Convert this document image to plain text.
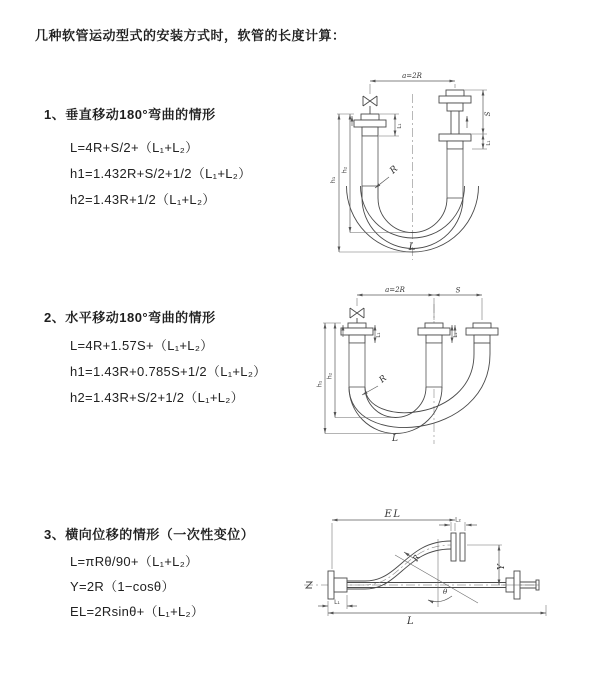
几种软管运动型式的安装方式时，软管的长度计算：
1、垂直移动180°弯曲的情形
L=4R+S/2+（L₁+L₂）
h1=1.432R+S/2+1/2（L₁+L₂）
h2=1.43R+1/2（L₁+L₂）
2、水平移动180°弯曲的情形
L=4R+1.57S+（L₁+L₂）
h1=1.43R+0.785S+1/2（L₁+L₂）
h2=1.43R+S/2+1/2（L₁+L₂）
3、横向位移的情形（一次性变位）
L=πRθ/90+（L₁+L₂）
Y=2R（1−cosθ）
EL=2Rsinθ+（L₁+L₂）
a=2R
S
L₁
L₁
h₂
h₁
R
L
a=2R	S
L₁	L₁
h₂
h₁	R
L
θ
R
EL	L₂
Y
L₁
L
